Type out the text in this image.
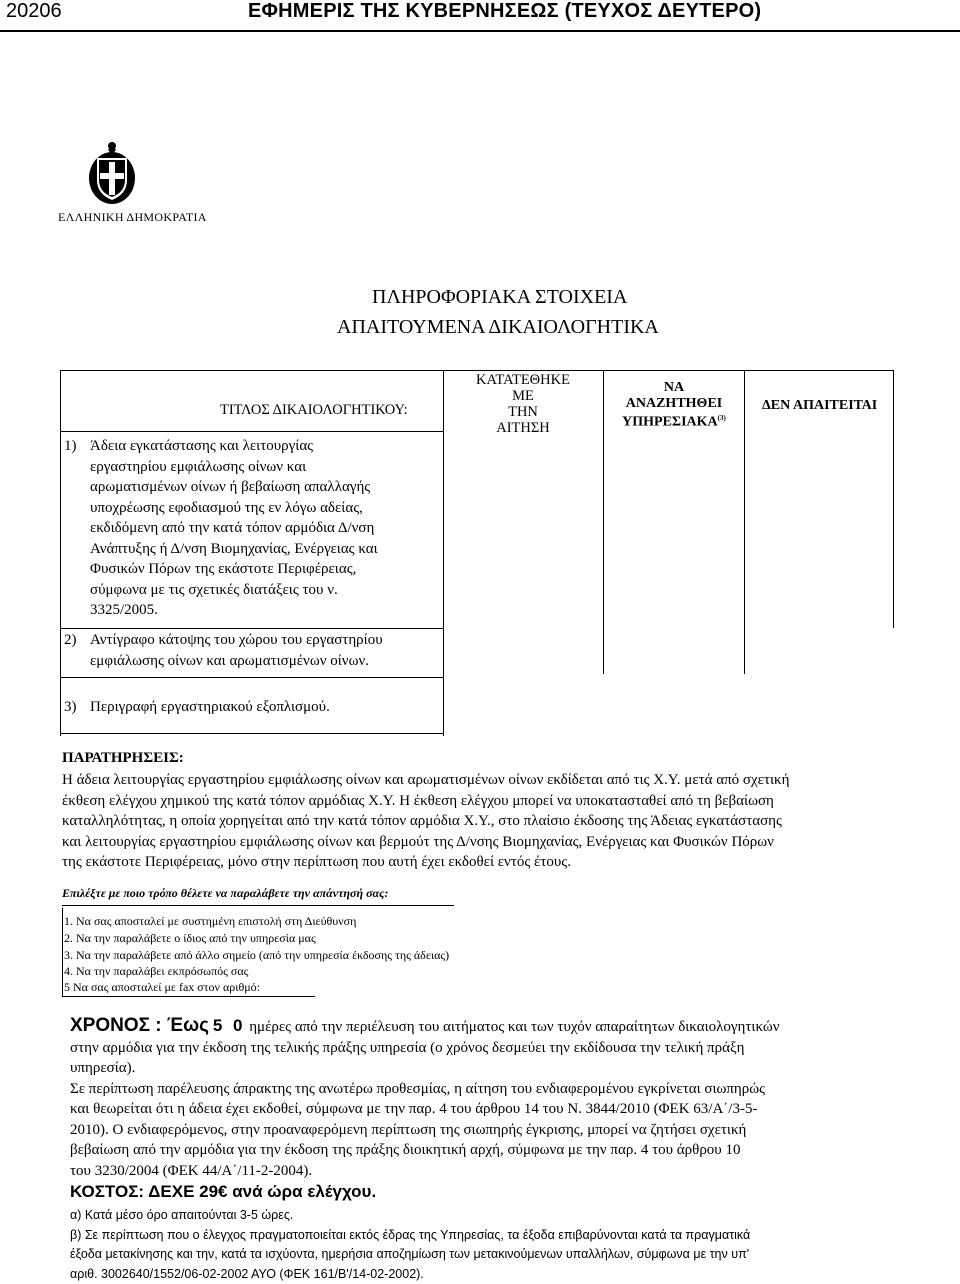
20206	ΕΦΗΜΕΡΙΣ ΤΗΣ ΚΥΒΕΡΝΗΣΕΩΣ (ΤΕΥΧΟΣ ΔΕΥΤΕΡΟ)
ΕΛΛΗΝΙΚΗ ΔΗΜΟΚΡΑΤΙΑ
ΠΛΗΡΟΦΟΡΙΑΚΑ ΣΤΟΙΧΕΙΑ
ΑΠΑΙΤΟΥΜΕΝΑ ΔΙΚΑΙΟΛΟΓΗΤΙΚΑ
ΤΙΤΛΟΣ ΔΙΚΑΙΟΛΟΓΗΤΙΚΟΥ:
ΚΑΤΑΤΕΘΗΚΕ
ΜΕ
ΤΗΝ
ΑΙΤΗΣΗ
ΝΑ
ΑΝΑΖΗΤΗΘΕΙ
ΥΠΗΡΕΣΙΑΚΑ$^{(3)}$
ΔΕΝ ΑΠΑΙΤΕΙΤΑΙ
1) Άδεια εγκατάστασης και λειτουργίας
εργαστηρίου εμφιάλωσης οίνων και
αρωματισμένων οίνων ή βεβαίωση απαλλαγής
υποχρέωσης εφοδιασμού της εν λόγω αδείας,
εκδιδόμενη από την κατά τόπον αρμόδια Δ/νση
Ανάπτυξης ή Δ/νση Βιομηχανίας, Ενέργειας και
Φυσικών Πόρων της εκάστοτε Περιφέρειας,
σύμφωνα με τις σχετικές διατάξεις του ν.
3325/2005.
2) Αντίγραφο κάτοψης του χώρου του εργαστηρίου
εμφιάλωσης οίνων και αρωματισμένων οίνων.
3) Περιγραφή εργαστηριακού εξοπλισμού.
ΠΑΡΑΤΗΡΗΣΕΙΣ:
Η άδεια λειτουργίας εργαστηρίου εμφιάλωσης οίνων και αρωματισμένων οίνων εκδίδεται από τις Χ.Υ. μετά από σχετική
έκθεση ελέγχου χημικού της κατά τόπον αρμόδιας Χ.Υ. Η έκθεση ελέγχου μπορεί να υποκατασταθεί από τη βεβαίωση
καταλληλότητας, η οποία χορηγείται από την κατά τόπον αρμόδια Χ.Υ., στο πλαίσιο έκδοσης της Άδειας εγκατάστασης
και λειτουργίας εργαστηρίου εμφιάλωσης οίνων και βερμούτ της Δ/νσης Βιομηχανίας, Ενέργειας και Φυσικών Πόρων
της εκάστοτε Περιφέρειας, μόνο στην περίπτωση που αυτή έχει εκδοθεί εντός έτους.
Επιλέξτε με ποιο τρόπο θέλετε να παραλάβετε την απάντησή σας:
1. Να σας αποσταλεί με συστημένη επιστολή στη Διεύθυνση
2. Να την παραλάβετε ο ίδιος από την υπηρεσία μας
3. Να την παραλάβετε από άλλο σημείο (από την υπηρεσία έκδοσης της άδειας)
4. Να την παραλάβει εκπρόσωπός σας
5 Να σας αποσταλεί με fax στον αριθμό:
ΧΡΟΝΟΣ : Έως 5 0 ημέρες από την περιέλευση του αιτήματος και των τυχόν απαραίτητων δικαιολογητικών
στην αρμόδια για την έκδοση της τελικής πράξης υπηρεσία (ο χρόνος δεσμεύει την εκδίδουσα την τελική πράξη
υπηρεσία).
Σε περίπτωση παρέλευσης άπρακτης της ανωτέρω προθεσμίας, η αίτηση του ενδιαφερομένου εγκρίνεται σιωπηρώς
και θεωρείται ότι η άδεια έχει εκδοθεί, σύμφωνα με την παρ. 4 του άρθρου 14 του Ν. 3844/2010 (ΦΕΚ 63/Α΄/3-5-
2010). Ο ενδιαφερόμενος, στην προαναφερόμενη περίπτωση της σιωπηρής έγκρισης, μπορεί να ζητήσει σχετική
βεβαίωση από την αρμόδια για την έκδοση της πράξης διοικητική αρχή, σύμφωνα με την παρ. 4 του άρθρου 10
του 3230/2004 (ΦΕΚ 44/Α΄/11-2-2004).
ΚΟΣΤΟΣ: ΔΕΧΕ 29€ ανά ώρα ελέγχου.
α) Κατά μέσο όρο απαιτούνται 3-5 ώρες.
β) Σε περίπτωση που ο έλεγχος πραγματοποιείται εκτός έδρας της Υπηρεσίας, τα έξοδα επιβαρύνονται κατά τα πραγματικά
έξοδα μετακίνησης και την, κατά τα ισχύοντα, ημερήσια αποζημίωση των μετακινούμενων υπαλλήλων, σύμφωνα με την υπ'
αριθ. 3002640/1552/06-02-2002 ΑΥΟ (ΦΕΚ 161/Β'/14-02-2002).
